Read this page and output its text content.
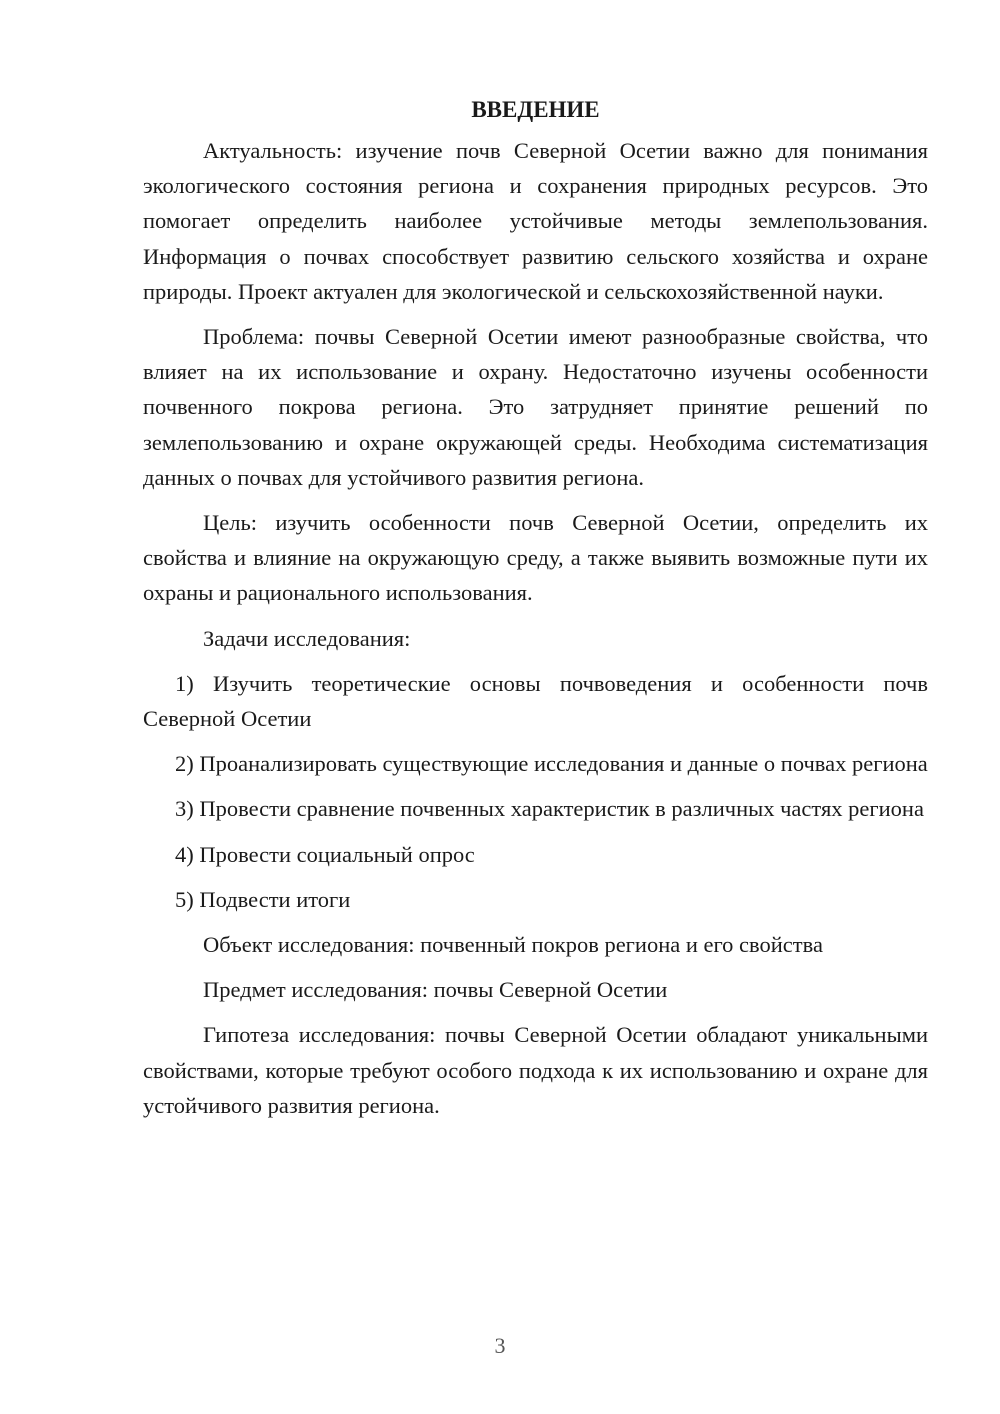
ВВЕДЕНИЕ

Актуальность: изучение почв Северной Осетии важно для понимания экологического состояния региона и сохранения природных ресурсов. Это помогает определить наиболее устойчивые методы землепользования. Информация о почвах способствует развитию сельского хозяйства и охране природы. Проект актуален для экологической и сельскохозяйственной науки.

Проблема: почвы Северной Осетии имеют разнообразные свойства, что влияет на их использование и охрану. Недостаточно изучены особенности почвенного покрова региона. Это затрудняет принятие решений по землепользованию и охране окружающей среды. Необходима систематизация данных о почвах для устойчивого развития региона.

Цель: изучить особенности почв Северной Осетии, определить их свойства и влияние на окружающую среду, а также выявить возможные пути их охраны и рационального использования.

Задачи исследования:

1) Изучить теоретические основы почвоведения и особенности почв Северной Осетии

2) Проанализировать существующие исследования и данные о почвах региона

3) Провести сравнение почвенных характеристик в различных частях региона

4) Провести социальный опрос

5) Подвести итоги

Объект исследования: почвенный покров региона и его свойства

Предмет исследования: почвы Северной Осетии

Гипотеза исследования: почвы Северной Осетии обладают уникальными свойствами, которые требуют особого подхода к их использованию и охране для устойчивого развития региона.

3
